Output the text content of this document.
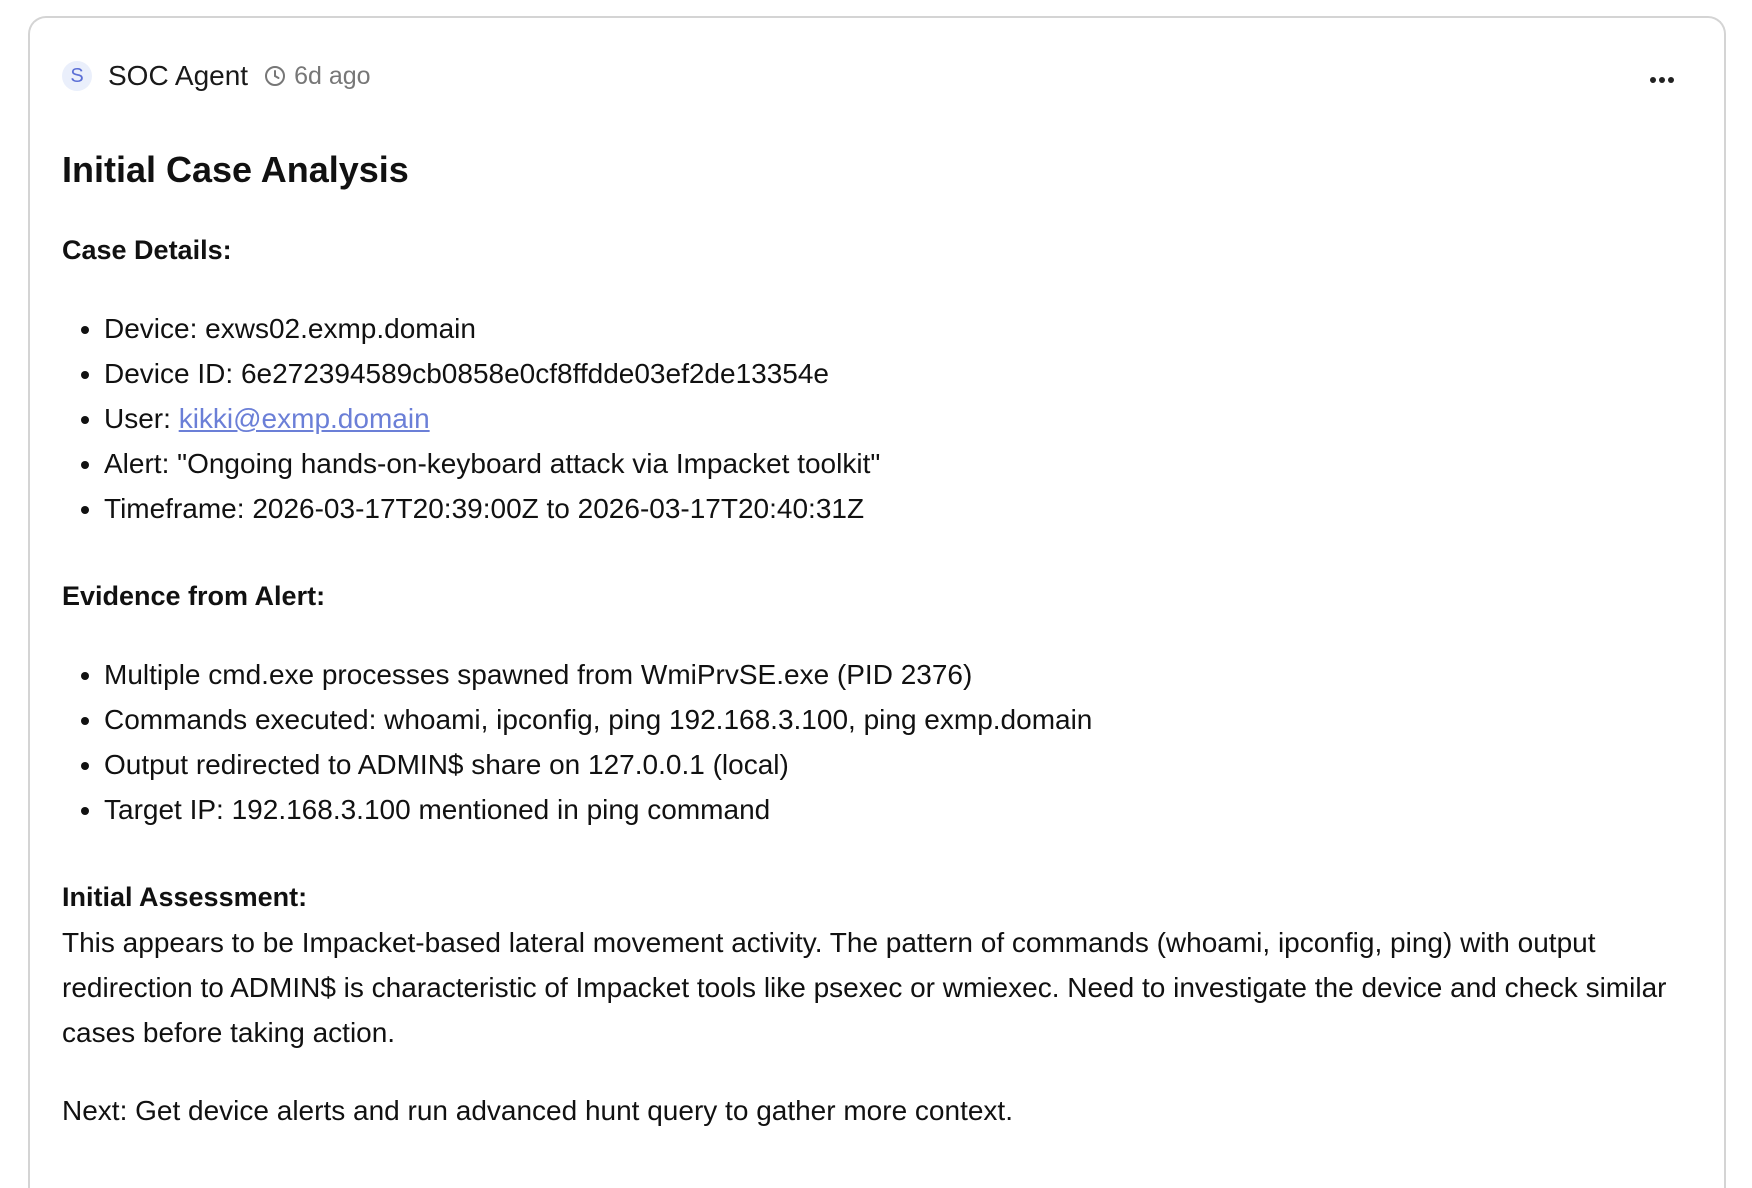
S SOC Agent 6d ago
Initial Case Analysis

Case Details:

• Device: exws02.exmp.domain
• Device ID: 6e272394589cb0858e0cf8ffdde03ef2de13354e
• User: kikki@exmp.domain
• Alert: "Ongoing hands-on-keyboard attack via Impacket toolkit"
• Timeframe: 2026-03-17T20:39:00Z to 2026-03-17T20:40:31Z

Evidence from Alert:

• Multiple cmd.exe processes spawned from WmiPrvSE.exe (PID 2376)
• Commands executed: whoami, ipconfig, ping 192.168.3.100, ping exmp.domain
• Output redirected to ADMIN$ share on 127.0.0.1 (local)
• Target IP: 192.168.3.100 mentioned in ping command

Initial Assessment:

This appears to be Impacket-based lateral movement activity. The pattern of commands (whoami, ipconfig, ping) with output redirection to ADMIN$ is characteristic of Impacket tools like psexec or wmiexec. Need to investigate the device and check similar cases before taking action.

Next: Get device alerts and run advanced hunt query to gather more context.
